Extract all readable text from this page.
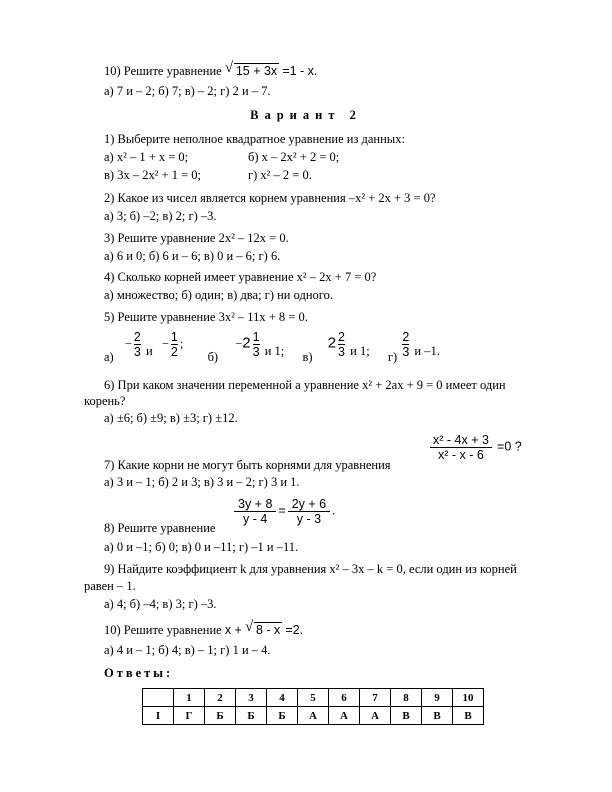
10) Решите уравнение √ 15 + 3x =1 - x.
а) 7 и – 2; б) 7; в) – 2; г) 2 и – 7.
Вариант 2
1) Выберите неполное квадратное уравнение из данных:
а) x² – 1 + x = 0;	б) x – 2x² + 2 = 0;
в) 3x – 2x² + 1 = 0;	г) x² – 2 = 0.
2) Какое из чисел является корнем уравнения –x² + 2x + 3 = 0?
а) 3; б) –2; в) 2; г) –3.
3) Решите уравнение 2x² – 12x = 0.
а) 6 и 0; б) 6 и – 6; в) 0 и – 6; г) 6.
4) Сколько корней имеет уравнение x² – 2x + 7 = 0?
а) множество; б) один; в) два; г) ни одного.
5) Решите уравнение 3x² – 11x + 8 = 0.
$а) - \frac{2}{3}$ $и - \frac{1}{2}$ ;  $б) -2 \frac{1}{3}$ и 1; в) $2 \frac{2}{3}$ и 1; $г) \frac{2}{3}$ и –1.
6) При каком значении переменной a уравнение x² + 2ax + 9 = 0 имеет один
корень?
а) ±6; б) ±9; в) ±3; г) ±12.
$\frac{\text{x² - 4x + 3}}{\text{x² - x - 6}} =0$ ?
7) Какие корни не могут быть корнями для уравнения
а) 3 и – 1; б) 2 и 3; в) 3 и – 2; г) 3 и 1.
$\frac{3y + 8}{y - 4} = \frac{2y + 6}{y - 3}$ .
8) Решите уравнение
а) 0 и –1; б) 0; в) 0 и –11; г) –1 и –11.
9) Найдите коэффициент k для уравнения x² – 3x – k = 0, если один из корней
равен – 1.
а) 4; б) –4; в) 3; г) –3.
10) Решите уравнение x + √ 8 - x =2.
а) 4 и – 1; б) 4; в) – 1; г) 1 и – 4.
Ответы:
	1	2	3	4	5	6	7	8	9	10
I	Г	Б	Б	Б	А	А	А	В	В	В
